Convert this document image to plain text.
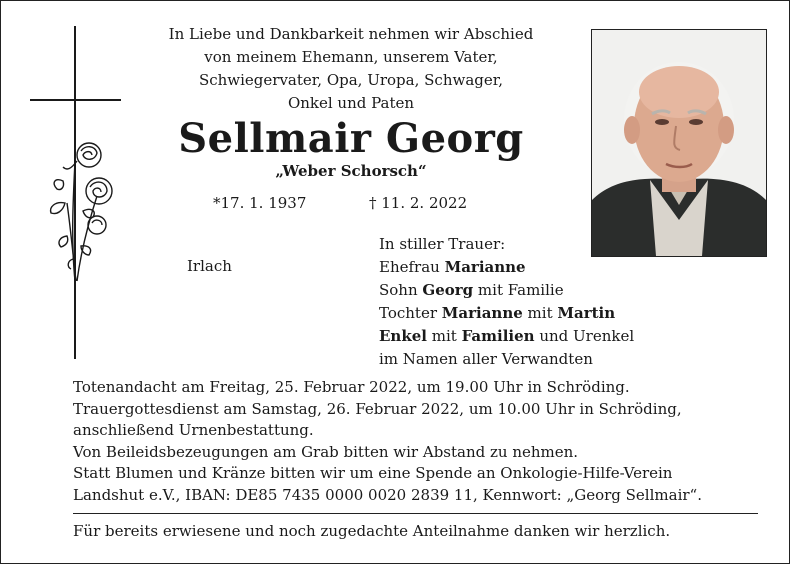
In Liebe und Dankbarkeit nehmen wir Abschied
von meinem Ehemann, unserem Vater,
Schwiegervater, Opa, Uropa, Schwager,
Onkel und Paten
Sellmair Georg
„Weber Schorsch“
*17. 1. 1937	† 11. 2. 2022
Irlach
In stiller Trauer:
Ehefrau Marianne
Sohn Georg mit Familie
Tochter Marianne mit Martin
Enkel mit Familien und Urenkel
im Namen aller Verwandten
Totenandacht am Freitag, 25. Februar 2022, um 19.00 Uhr in Schröding.
Trauergottesdienst am Samstag, 26. Februar 2022, um 10.00 Uhr in Schröding,
anschließend Urnenbestattung.
Von Beileidsbezeugungen am Grab bitten wir Abstand zu nehmen.
Statt Blumen und Kränze bitten wir um eine Spende an Onkologie-Hilfe-Verein
Landshut e.V., IBAN: DE85 7435 0000 0020 2839 11, Kennwort: „Georg Sellmair“.
Für bereits erwiesene und noch zugedachte Anteilnahme danken wir herzlich.
